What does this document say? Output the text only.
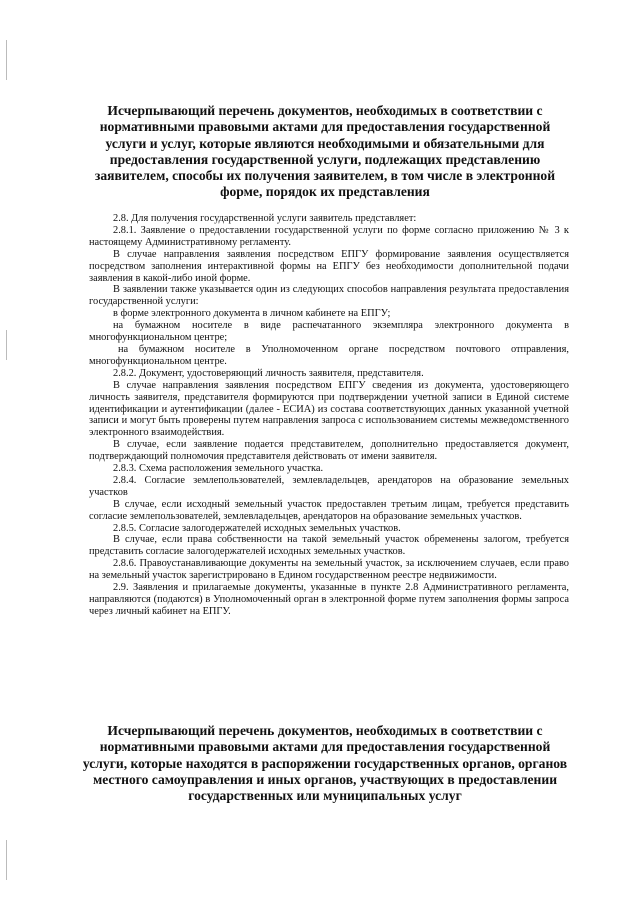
Исчерпывающий перечень документов, необходимых в соответствии с нормативными правовыми актами для предоставления государственной услуги и услуг, которые являются необходимыми и обязательными для предоставления государственной услуги, подлежащих представлению заявителем, способы их получения заявителем, в том числе в электронной форме, порядок их представления

2.8. Для получения государственной услуги заявитель представляет:

2.8.1. Заявление о предоставлении государственной услуги по форме согласно приложению № 3 к настоящему Административному регламенту.

В случае направления заявления посредством ЕПГУ формирование заявления осуществляется посредством заполнения интерактивной формы на ЕПГУ без необходимости дополнительной подачи заявления в какой-либо иной форме.

В заявлении также указывается один из следующих способов направления результата предоставления государственной услуги:

в форме электронного документа в личном кабинете на ЕПГУ;

на бумажном носителе в виде распечатанного экземпляра электронного документа в многофункциональном центре;

на бумажном носителе в Уполномоченном органе посредством почтового отправления, многофункциональном центре.

2.8.2. Документ, удостоверяющий личность заявителя, представителя.

В случае направления заявления посредством ЕПГУ сведения из документа, удостоверяющего личность заявителя, представителя формируются при подтверждении учетной записи в Единой системе идентификации и аутентификации (далее - ЕСИА) из состава соответствующих данных указанной учетной записи и могут быть проверены путем направления запроса с использованием системы межведомственного электронного взаимодействия.

В случае, если заявление подается представителем, дополнительно предоставляется документ, подтверждающий полномочия представителя действовать от имени заявителя.

2.8.3. Схема расположения земельного участка.

2.8.4. Согласие землепользователей, землевладельцев, арендаторов на образование земельных участков

В случае, если исходный земельный участок предоставлен третьим лицам, требуется представить согласие землепользователей, землевладельцев, арендаторов на образование земельных участков.

2.8.5. Согласие залогодержателей исходных земельных участков.

В случае, если права собственности на такой земельный участок обременены залогом, требуется представить согласие залогодержателей исходных земельных участков.

2.8.6. Правоустанавливающие документы на земельный участок, за исключением случаев, если право на земельный участок зарегистрировано в Едином государственном реестре недвижимости.

2.9. Заявления и прилагаемые документы, указанные в пункте 2.8 Административного регламента, направляются (подаются) в Уполномоченный орган в электронной форме путем заполнения формы запроса через личный кабинет на ЕПГУ.

Исчерпывающий перечень документов, необходимых в соответствии с нормативными правовыми актами для предоставления государственной услуги, которые находятся в распоряжении государственных органов, органов местного самоуправления и иных органов, участвующих в предоставлении государственных или муниципальных услуг
